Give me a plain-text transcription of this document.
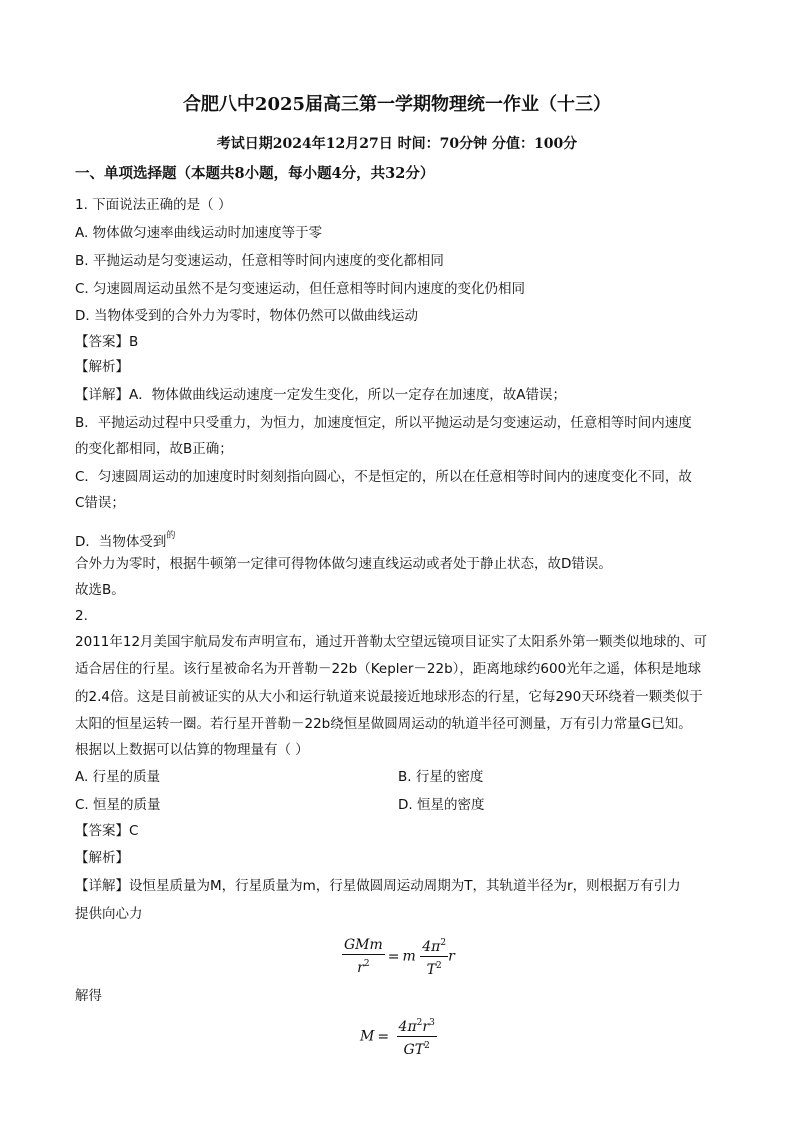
合肥八中2025届高三第一学期物理统一作业（十三）
考试日期2024年12月27日 时间：70分钟 分值：100分
一、单项选择题（本题共8小题，每小题4分，共32分）
1. 下面说法正确的是（ ）
A. 物体做匀速率曲线运动时加速度等于零
B. 平抛运动是匀变速运动，任意相等时间内速度的变化都相同
C. 匀速圆周运动虽然不是匀变速运动，但任意相等时间内速度的变化仍相同
D. 当物体受到的合外力为零时，物体仍然可以做曲线运动
【答案】B
【解析】
【详解】A．物体做曲线运动速度一定发生变化，所以一定存在加速度，故A错误；
B．平抛运动过程中只受重力，为恒力，加速度恒定，所以平抛运动是匀变速运动，任意相等时间内速度
的变化都相同，故B正确；
C．匀速圆周运动的加速度时时刻刻指向圆心，不是恒定的，所以在任意相等时间内的速度变化不同，故
C错误；
D．当物体受到$^的$
合外力为零时，根据牛顿第一定律可得物体做匀速直线运动或者处于静止状态，故D错误。
故选B。
2.
2011年12月美国宇航局发布声明宣布，通过开普勒太空望远镜项目证实了太阳系外第一颗类似地球的、可
适合居住的行星。该行星被命名为开普勒－22b（Kepler－22b），距离地球约600光年之遥，体积是地球
的2.4倍。这是目前被证实的从大小和运行轨道来说最接近地球形态的行星，它每290天环绕着一颗类似于
太阳的恒星运转一圈。若行星开普勒－22b绕恒星做圆周运动的轨道半径可测量，万有引力常量G已知。
根据以上数据可以估算的物理量有（ ）
A. 行星的质量	B. 行星的密度
C. 恒星的质量	D. 恒星的密度
【答案】C
【解析】
【详解】设恒星质量为M，行星质量为m，行星做圆周运动周期为T，其轨道半径为r，则根据万有引力
提供向心力
$\frac{\text{GMm}}{r^2} = m \frac{4\pi^2}{T^2}$ r
解得
$M = \frac{4\pi^2r^3}{GT^2}$
